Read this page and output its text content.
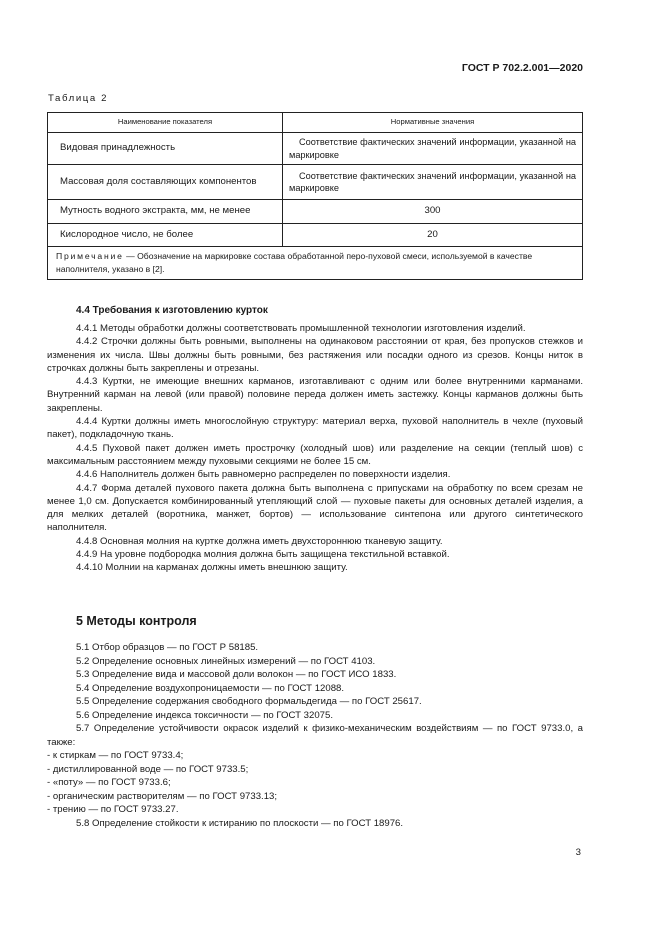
ГОСТ Р 702.2.001—2020
Таблица 2
Наименование показателя	Нормативные значения
Видовая принадлежность	Соответствие фактических значений информации, указанной на маркировке
Массовая доля составляющих компонентов	Соответствие фактических значений информации, указанной на маркировке
Мутность водного экстракта, мм, не менее	300
Кислородное число, не более	20
Примечание — Обозначение на маркировке состава обработанной перо-пуховой смеси, используемой в качестве наполнителя, указано в [2].	
4.4 Требования к изготовлению курток

4.4.1 Методы обработки должны соответствовать промышленной технологии изготовления изделий.

4.4.2 Строчки должны быть ровными, выполнены на одинаковом расстоянии от края, без пропусков стежков и изменения их числа. Швы должны быть ровными, без растяжения или посадки одного из срезов. Концы ниток в строчках должны быть закреплены и отрезаны.

4.4.3 Куртки, не имеющие внешних карманов, изготавливают с одним или более внутренними карманами. Внутренний карман на левой (или правой) половине переда должен иметь застежку. Концы карманов должны быть закреплены.

4.4.4 Куртки должны иметь многослойную структуру: материал верха, пуховой наполнитель в чехле (пуховый пакет), подкладочную ткань.

4.4.5 Пуховой пакет должен иметь прострочку (холодный шов) или разделение на секции (теплый шов) с максимальным расстоянием между пуховыми секциями не более 15 см.

4.4.6 Наполнитель должен быть равномерно распределен по поверхности изделия.

4.4.7 Форма деталей пухового пакета должна быть выполнена с припусками на обработку по всем срезам не менее 1,0 см. Допускается комбинированный утепляющий слой — пуховые пакеты для основных деталей изделия, а для мелких деталей (воротника, манжет, бортов) — использование синтепона или другого синтетического наполнителя.

4.4.8 Основная молния на куртке должна иметь двухстороннюю тканевую защиту.

4.4.9 На уровне подбородка молния должна быть защищена текстильной вставкой.

4.4.10 Молнии на карманах должны иметь внешнюю защиту.

5 Методы контроля

5.1 Отбор образцов — по ГОСТ Р 58185.

5.2 Определение основных линейных измерений — по ГОСТ 4103.

5.3 Определение вида и массовой доли волокон — по ГОСТ ИСО 1833.

5.4 Определение воздухопроницаемости — по ГОСТ 12088.

5.5 Определение содержания свободного формальдегида — по ГОСТ 25617.

5.6 Определение индекса токсичности — по ГОСТ 32075.

5.7 Определение устойчивости окрасок изделий к физико-механическим воздействиям — по ГОСТ 9733.0, а также:

- к стиркам — по ГОСТ 9733.4;

- дистиллированной воде — по ГОСТ 9733.5;

- «поту» — по ГОСТ 9733.6;

- органическим растворителям — по ГОСТ 9733.13;

- трению — по ГОСТ 9733.27.

5.8 Определение стойкости к истиранию по плоскости — по ГОСТ 18976.

3
